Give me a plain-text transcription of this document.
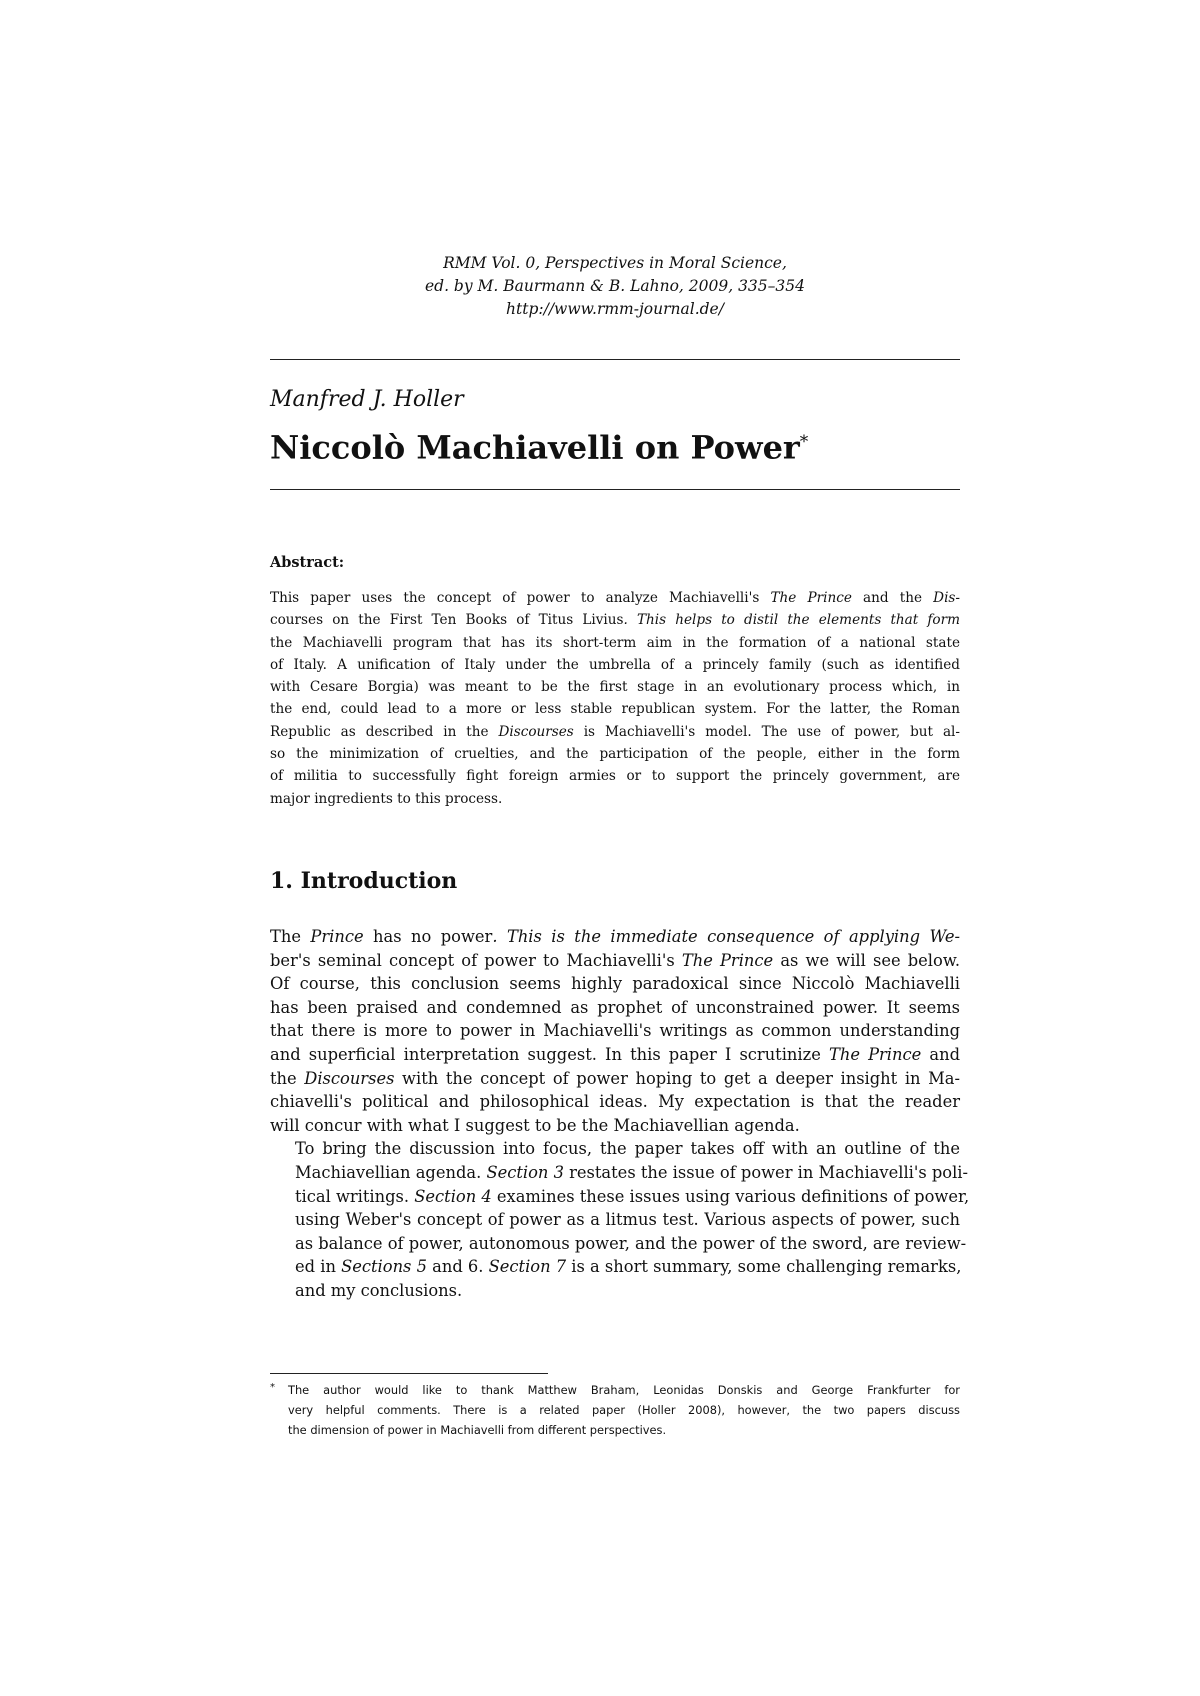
RMM Vol. 0, Perspectives in Moral Science,
ed. by M. Baurmann & B. Lahno, 2009, 335–354
http://www.rmm-journal.de/
Manfred J. Holler
Niccolò Machiavelli on Power*
Abstract:
This paper uses the concept of power to analyze Machiavelli's The Prince and the Dis-
courses on the First Ten Books of Titus Livius. This helps to distil the elements that form
the Machiavelli program that has its short-term aim in the formation of a national state
of Italy. A unification of Italy under the umbrella of a princely family (such as identified
with Cesare Borgia) was meant to be the first stage in an evolutionary process which, in
the end, could lead to a more or less stable republican system. For the latter, the Roman
Republic as described in the Discourses is Machiavelli's model. The use of power, but al-
so the minimization of cruelties, and the participation of the people, either in the form
of militia to successfully fight foreign armies or to support the princely government, are
major ingredients to this process.
1. Introduction

The Prince has no power. This is the immediate consequence of applying We-
ber's seminal concept of power to Machiavelli's The Prince as we will see below.
Of course, this conclusion seems highly paradoxical since Niccolò Machiavelli
has been praised and condemned as prophet of unconstrained power. It seems
that there is more to power in Machiavelli's writings as common understanding
and superficial interpretation suggest. In this paper I scrutinize The Prince and
the Discourses with the concept of power hoping to get a deeper insight in Ma-
chiavelli's political and philosophical ideas. My expectation is that the reader
will concur with what I suggest to be the Machiavellian agenda.

To bring the discussion into focus, the paper takes off with an outline of the
Machiavellian agenda. Section 3 restates the issue of power in Machiavelli's poli-
tical writings. Section 4 examines these issues using various definitions of power,
using Weber's concept of power as a litmus test. Various aspects of power, such
as balance of power, autonomous power, and the power of the sword, are review-
ed in Sections 5 and 6. Section 7 is a short summary, some challenging remarks,
and my conclusions.

* The author would like to thank Matthew Braham, Leonidas Donskis and George Frankfurter for
very helpful comments. There is a related paper (Holler 2008), however, the two papers discuss
the dimension of power in Machiavelli from different perspectives.
